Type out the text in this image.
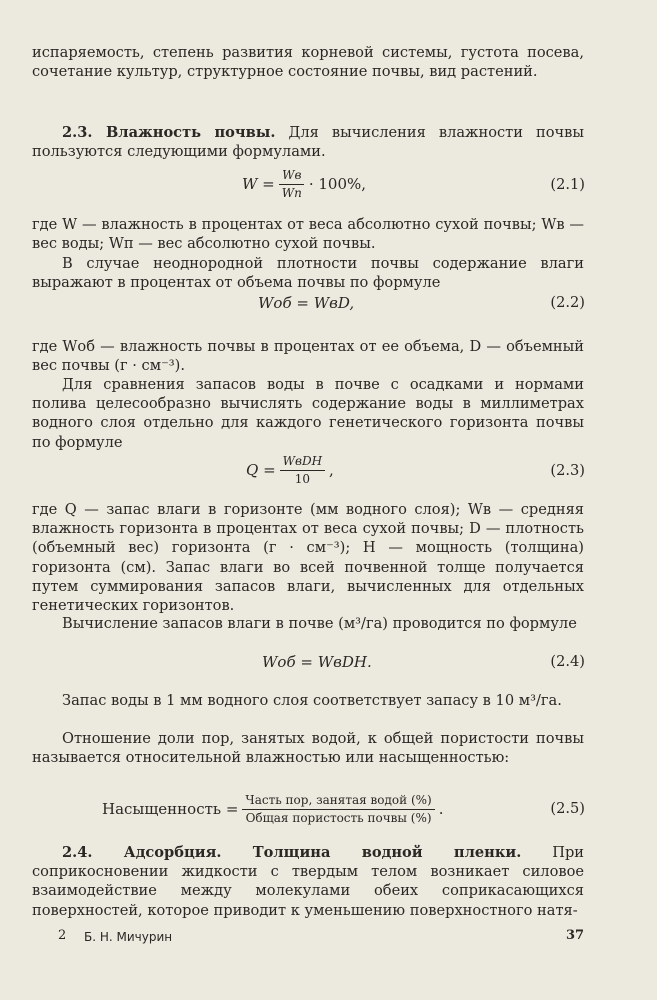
испаряемость, степень развития корневой системы, густота посева, сочетание культур, структурное состояние почвы, вид растений.

2.3. Влажность почвы. Для вычисления влажности почвы пользуются следующими формулами.

$W = \frac{Wв}{Wп} \cdot 100\%$,	(2.1)

где W — влажность в процентах от веса абсолютно сухой почвы; Wв — вес воды; Wп — вес абсолютно сухой почвы.

В случае неоднородной плотности почвы содержание влаги выражают в процентах от объема почвы по формуле

Wоб = WвD,	(2.2)

где Wоб — влажность почвы в процентах от ее объема, D — объемный вес почвы (г · см⁻³).

Для сравнения запасов воды в почве с осадками и нормами полива целесообразно вычислять содержание воды в миллиметрах водного слоя отдельно для каждого генетического горизонта почвы по формуле

$Q = \frac{\text{WвDH}}{10}$ ,	(2.3)

где Q — запас влаги в горизонте (мм водного слоя); Wв — средняя влажность горизонта в процентах от веса сухой почвы; D — плотность (объемный вес) горизонта (г · см⁻³); H — мощность (толщина) горизонта (см). Запас влаги во всей почвенной толще получается путем суммирования запасов влаги, вычисленных для отдельных генетических горизонтов.

Вычисление запасов влаги в почве (м³/га) проводится по формуле

Wоб = WвDH.	(2.4)

Запас воды в 1 мм водного слоя соответствует запасу в 10 м³/га.

Отношение доли пор, занятых водой, к общей пористости почвы называется относительной влажностью или насыщенностью:

Насыщенность = $\frac{\text{Часть пор, занятая водой (\%)}}{\text{Общая пористость почвы (\%)}}$ .	(2.5)

2.4. Адсорбция. Толщина водной пленки. При соприкосновении жидкости с твердым телом возникает силовое взаимодействие между молекулами обеих соприкасающихся поверхностей, которое приводит к уменьшению поверхностного натя-

2 Б. Н. Мичурин	37
